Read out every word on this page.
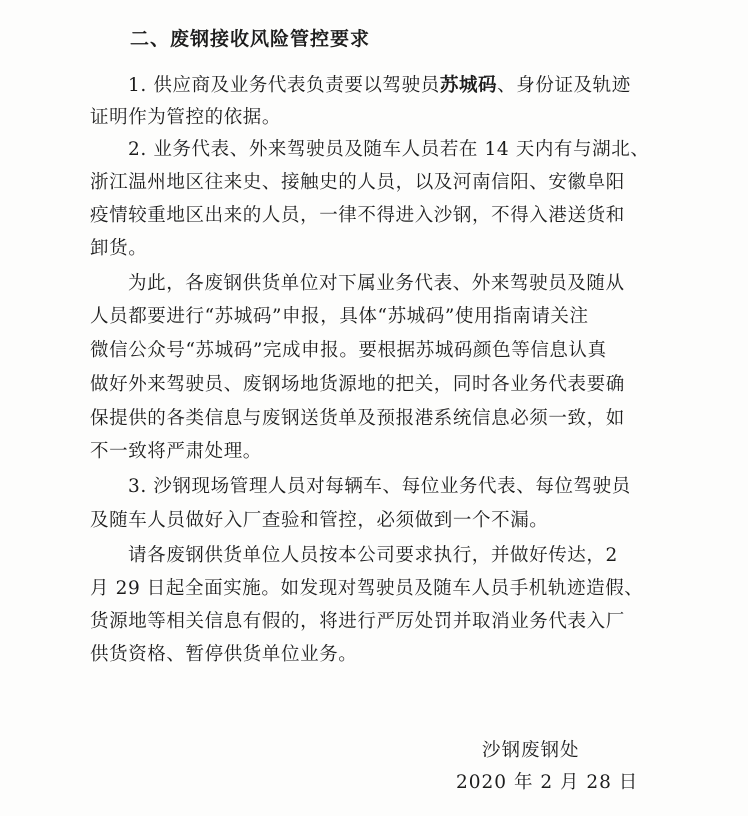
二、废钢接收风险管控要求
1. 供应商及业务代表负责要以驾驶员苏城码、身份证及轨迹
证明作为管控的依据。
2. 业务代表、外来驾驶员及随车人员若在 14 天内有与湖北、
浙江温州地区往来史、接触史的人员，以及河南信阳、安徽阜阳
疫情较重地区出来的人员，一律不得进入沙钢，不得入港送货和
卸货。
为此，各废钢供货单位对下属业务代表、外来驾驶员及随从
人员都要进行“苏城码”申报，具体“苏城码”使用指南请关注
微信公众号“苏城码”完成申报。要根据苏城码颜色等信息认真
做好外来驾驶员、废钢场地货源地的把关，同时各业务代表要确
保提供的各类信息与废钢送货单及预报港系统信息必须一致，如
不一致将严肃处理。
3. 沙钢现场管理人员对每辆车、每位业务代表、每位驾驶员
及随车人员做好入厂查验和管控，必须做到一个不漏。
请各废钢供货单位人员按本公司要求执行，并做好传达，2
月 29 日起全面实施。如发现对驾驶员及随车人员手机轨迹造假、
货源地等相关信息有假的，将进行严厉处罚并取消业务代表入厂
供货资格、暂停供货单位业务。
沙钢废钢处
2020 年 2 月 28 日
